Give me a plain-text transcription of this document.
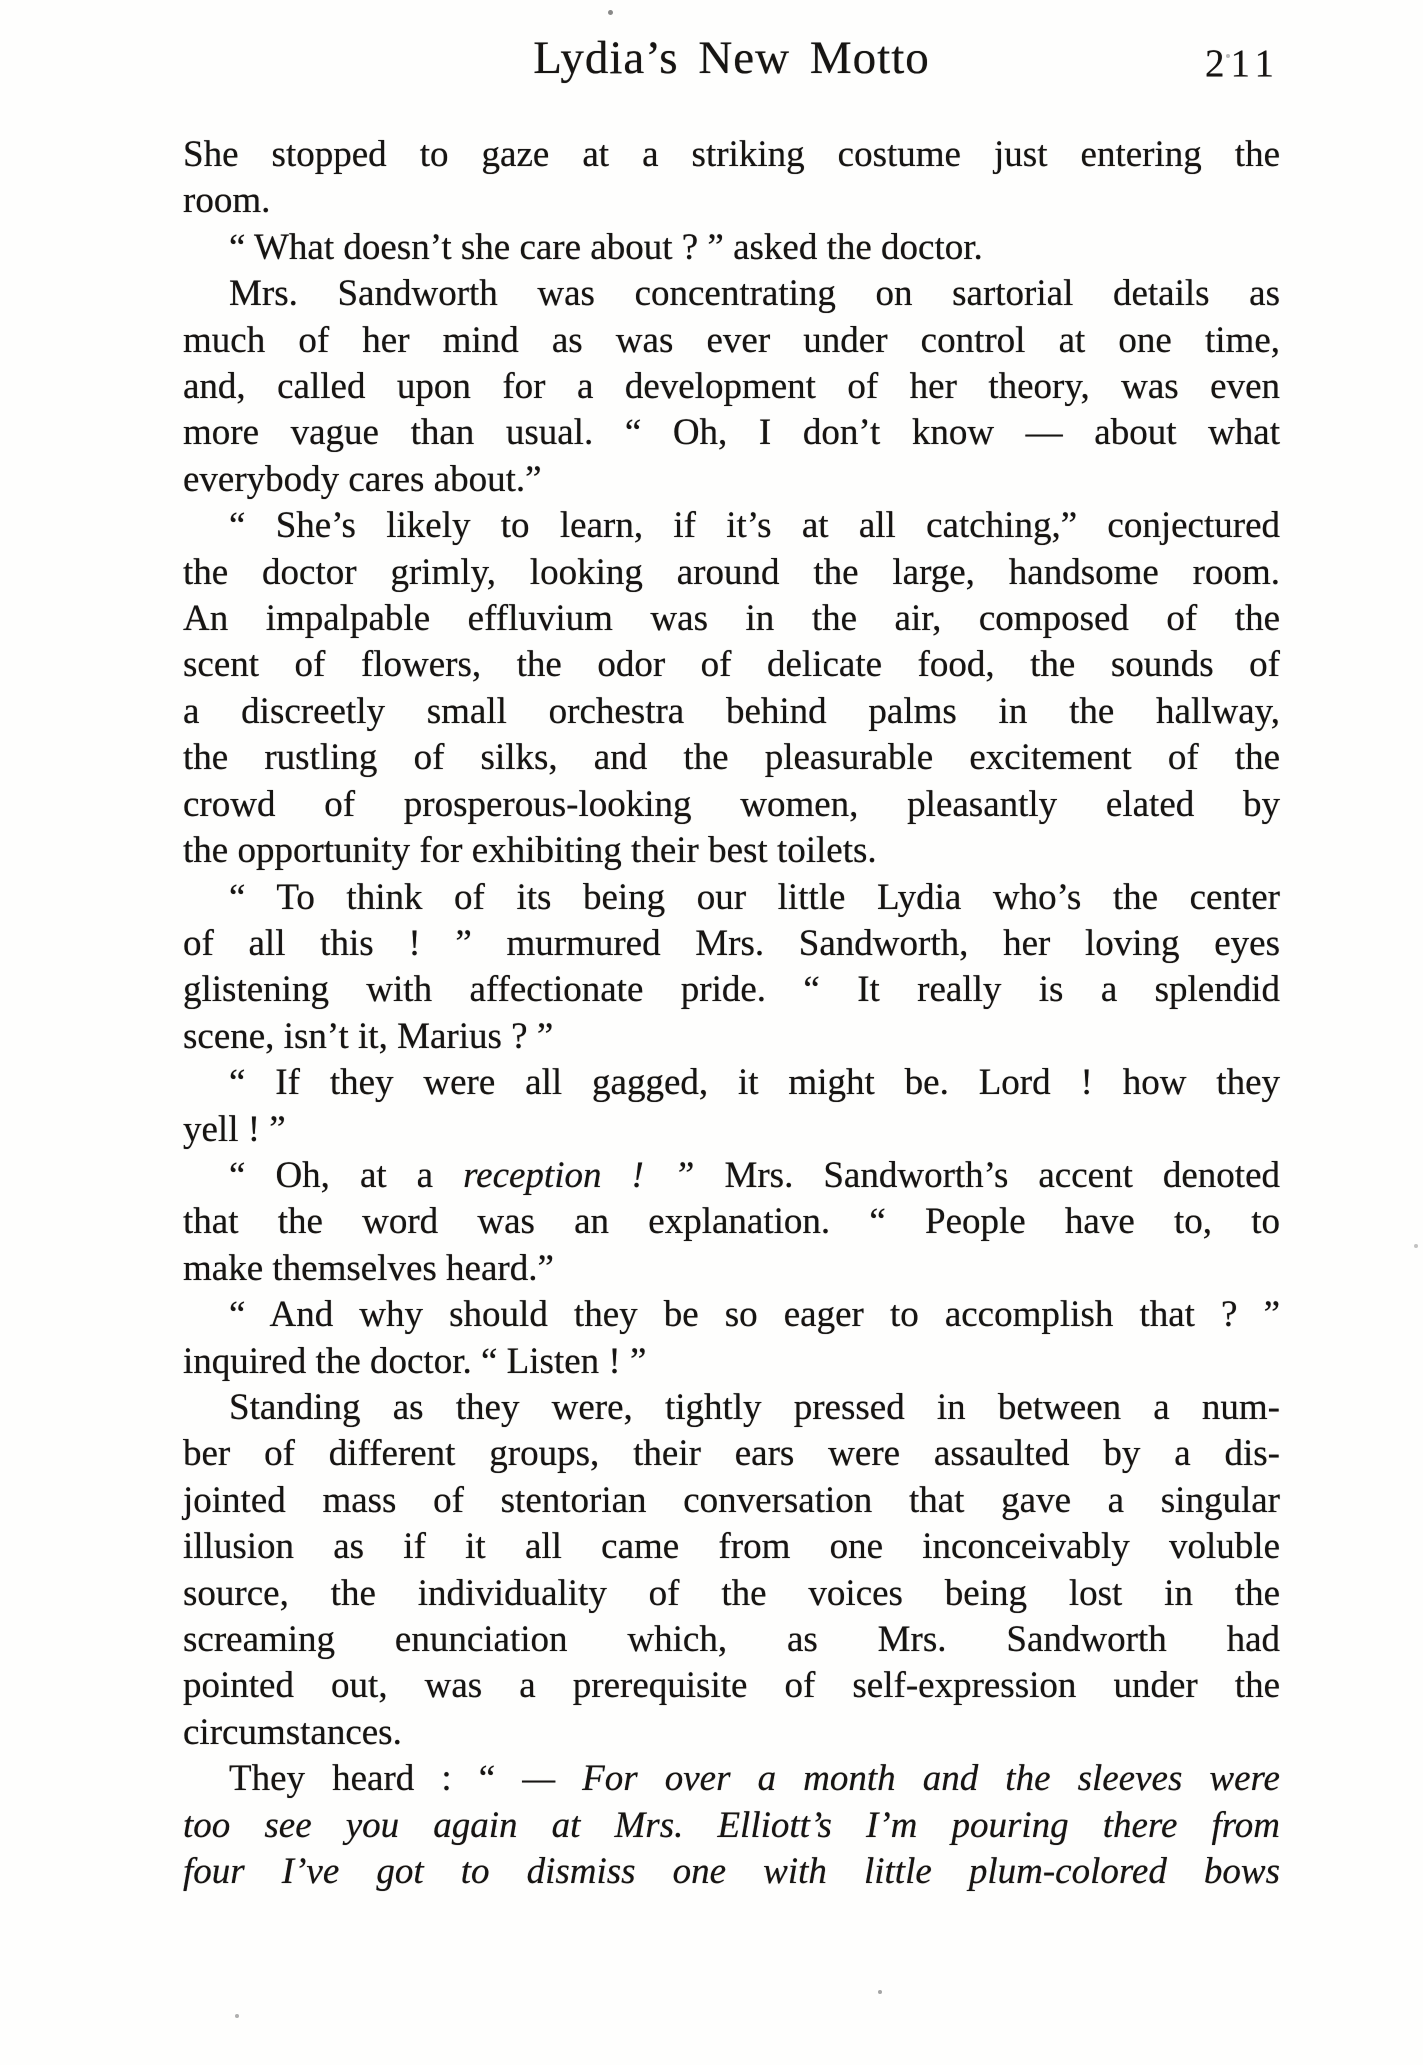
Lydia’s New Motto	211
She stopped to gaze at a striking costume just entering the
room.
“ What doesn’t she care about ? ” asked the doctor.
Mrs. Sandworth was concentrating on sartorial details as
much of her mind as was ever under control at one time,
and, called upon for a development of her theory, was even
more vague than usual. “ Oh, I don’t know — about what
everybody cares about.”
“ She’s likely to learn, if it’s at all catching,” conjectured
the doctor grimly, looking around the large, handsome room.
An impalpable effluvium was in the air, composed of the
scent of flowers, the odor of delicate food, the sounds of
a discreetly small orchestra behind palms in the hallway,
the rustling of silks, and the pleasurable excitement of the
crowd of prosperous-looking women, pleasantly elated by
the opportunity for exhibiting their best toilets.
“ To think of its being our little Lydia who’s the center
of all this ! ” murmured Mrs. Sandworth, her loving eyes
glistening with affectionate pride. “ It really is a splendid
scene, isn’t it, Marius ? ”
“ If they were all gagged, it might be. Lord ! how they
yell ! ”
“ Oh, at a reception ! ” Mrs. Sandworth’s accent denoted
that the word was an explanation. “ People have to, to
make themselves heard.”
“ And why should they be so eager to accomplish that ? ”
inquired the doctor. “ Listen ! ”
Standing as they were, tightly pressed in between a num-
ber of different groups, their ears were assaulted by a dis-
jointed mass of stentorian conversation that gave a singular
illusion as if it all came from one inconceivably voluble
source, the individuality of the voices being lost in the
screaming enunciation which, as Mrs. Sandworth had
pointed out, was a prerequisite of self-expression under the
circumstances.
They heard : “ — For over a month and the sleeves were
too see you again at Mrs. Elliott’s I’m pouring there from
four I’ve got to dismiss one with little plum-colored bows
